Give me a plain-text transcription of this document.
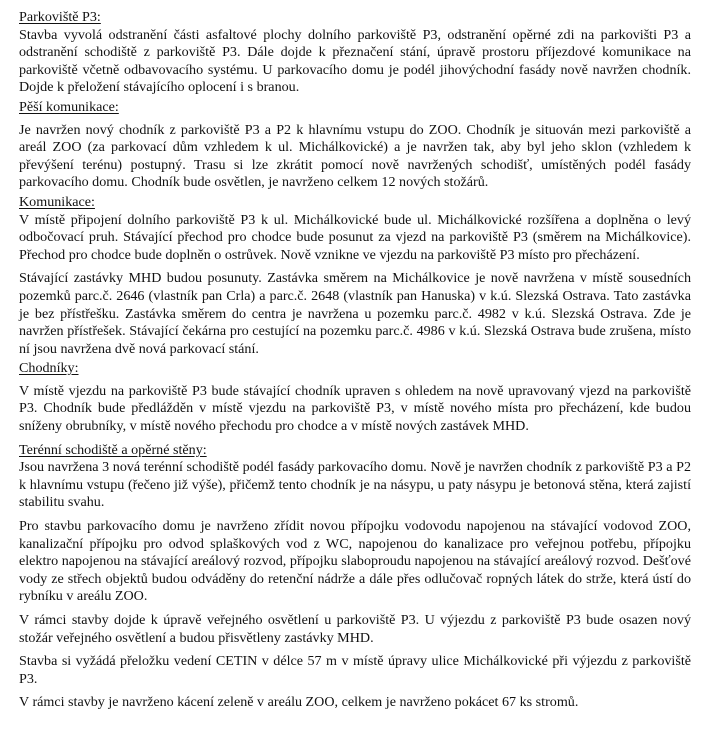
Parkoviště P3:

Stavba vyvolá odstranění části asfaltové plochy dolního parkoviště P3, odstranění opěrné zdi na parkovišti P3 a odstranění schodiště z parkoviště P3. Dále dojde k přeznačení stání, úpravě prostoru příjezdové komunikace na parkoviště včetně odbavovacího systému. U parkovacího domu je podél jihovýchodní fasády nově navržen chodník. Dojde k přeložení stávajícího oplocení i s branou.

Pěší komunikace:

Je navržen nový chodník z parkoviště P3 a P2 k hlavnímu vstupu do ZOO. Chodník je situován mezi parkoviště a areál ZOO (za parkovací dům vzhledem k ul. Michálkovické) a je navržen tak, aby byl jeho sklon (vzhledem k převýšení terénu) postupný. Trasu si lze zkrátit pomocí nově navržených schodišť, umístěných podél fasády parkovacího domu. Chodník bude osvětlen, je navrženo celkem 12 nových stožárů.

Komunikace:

V místě připojení dolního parkoviště P3 k ul. Michálkovické bude ul. Michálkovické rozšířena a doplněna o levý odbočovací pruh. Stávající přechod pro chodce bude posunut za vjezd na parkoviště P3 (směrem na Michálkovice). Přechod pro chodce bude doplněn o ostrůvek. Nově vznikne ve vjezdu na parkoviště P3 místo pro přecházení.

Stávající zastávky MHD budou posunuty. Zastávka směrem na Michálkovice je nově navržena v místě sousedních pozemků parc.č. 2646 (vlastník pan Crla) a parc.č. 2648 (vlastník pan Hanuska) v k.ú. Slezská Ostrava. Tato zastávka je bez přístřešku. Zastávka směrem do centra je navržena u pozemku parc.č. 4982 v k.ú. Slezská Ostrava. Zde je navržen přístřešek. Stávající čekárna pro cestující na pozemku parc.č. 4986 v k.ú. Slezská Ostrava bude zrušena, místo ní jsou navržena dvě nová parkovací stání.

Chodníky:

V místě vjezdu na parkoviště P3 bude stávající chodník upraven s ohledem na nově upravovaný vjezd na parkoviště P3. Chodník bude předlážděn v místě vjezdu na parkoviště P3, v místě nového místa pro přecházení, kde budou sníženy obrubníky, v místě nového přechodu pro chodce a v místě nových zastávek MHD.

Terénní schodiště a opěrné stěny:

Jsou navržena 3 nová terénní schodiště podél fasády parkovacího domu. Nově je navržen chodník z parkoviště P3 a P2 k hlavnímu vstupu (řečeno již výše), přičemž tento chodník je na násypu, u paty násypu je betonová stěna, která zajistí stabilitu svahu.

Pro stavbu parkovacího domu je navrženo zřídit novou přípojku vodovodu napojenou na stávající vodovod ZOO, kanalizační přípojku pro odvod splaškových vod z WC, napojenou do kanalizace pro veřejnou potřebu, přípojku elektro napojenou na stávající areálový rozvod, přípojku slaboproudu napojenou na stávající areálový rozvod. Dešťové vody ze střech objektů budou odváděny do retenční nádrže a dále přes odlučovač ropných látek do strže, která ústí do rybníku v areálu ZOO.

V rámci stavby dojde k úpravě veřejného osvětlení u parkoviště P3. U výjezdu z parkoviště P3 bude osazen nový stožár veřejného osvětlení a budou přisvětleny zastávky MHD.

Stavba si vyžádá přeložku vedení CETIN v délce 57 m v místě úpravy ulice Michálkovické při výjezdu z parkoviště P3.

V rámci stavby je navrženo kácení zeleně v areálu ZOO, celkem je navrženo pokácet 67 ks stromů.
